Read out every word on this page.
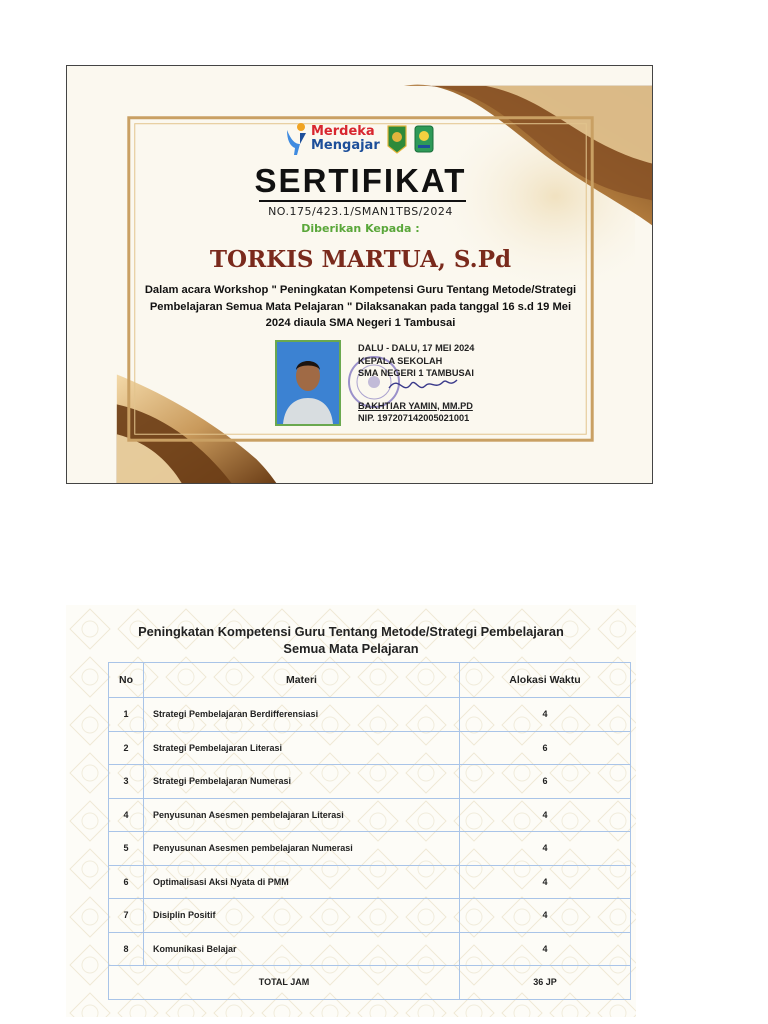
Merdeka
Mengajar
SERTIFIKAT
NO.175/423.1/SMAN1TBS/2024
Diberikan Kepada :
TORKIS MARTUA, S.Pd
Dalam acara Workshop " Peningkatan Kompetensi Guru Tentang Metode/Strategi Pembelajaran Semua Mata Pelajaran " Dilaksanakan pada tanggal 16 s.d 19 Mei 2024 diaula SMA Negeri 1 Tambusai
DALU - DALU, 17 MEI 2024
KEPALA SEKOLAH
SMA NEGERI 1 TAMBUSAI
BAKHTIAR YAMIN, MM.PD
NIP. 197207142005021001
Peningkatan Kompetensi Guru Tentang Metode/Strategi Pembelajaran
Semua Mata Pelajaran
No	Materi	Alokasi Waktu
1	Strategi Pembelajaran Berdifferensiasi	4
2	Strategi Pembelajaran Literasi	6
3	Strategi Pembelajaran Numerasi	6
4	Penyusunan Asesmen pembelajaran Literasi	4
5	Penyusunan Asesmen pembelajaran Numerasi	4
6	Optimalisasi Aksi Nyata di PMM	4
7	Disiplin Positif	4
8	Komunikasi Belajar	4
TOTAL JAM		36 JP
